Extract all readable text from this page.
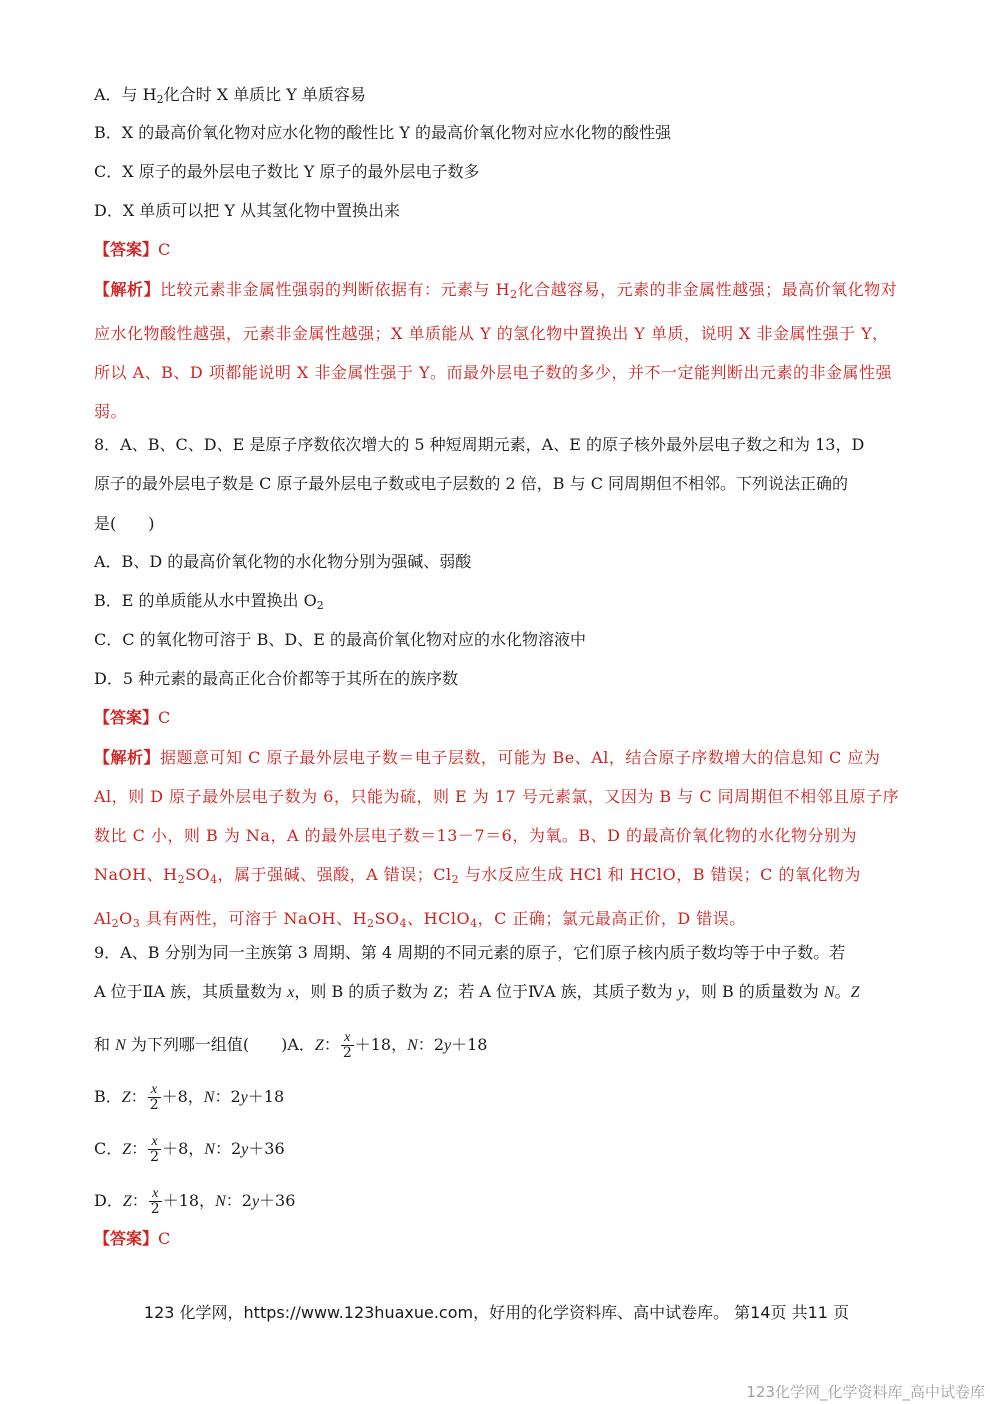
A．与 $H_2$化合时 X 单质比 Y 单质容易
B．X 的最高价氧化物对应水化物的酸性比 Y 的最高价氧化物对应水化物的酸性强
C．X 原子的最外层电子数比 Y 原子的最外层电子数多
D．X 单质可以把 Y 从其氢化物中置换出来
【答案】C
【解析】比较元素非金属性强弱的判断依据有：元素与 $H_2$化合越容易，元素的非金属性越强；最高价氧化物对应水化物酸性越强，元素非金属性越强；X 单质能从 Y 的氢化物中置换出 Y 单质，说明 X 非金属性强于 Y，所以 A、B、D 项都能说明 X 非金属性强于 Y。而最外层电子数的多少，并不一定能判断出元素的非金属性强弱。
8．A、B、C、D、E 是原子序数依次增大的 5 种短周期元素，A、E 的原子核外最外层电子数之和为 13，D
原子的最外层电子数是 C 原子最外层电子数或电子层数的 2 倍，B 与 C 同周期但不相邻。下列说法正确的
是(　　)
A．B、D 的最高价氧化物的水化物分别为强碱、弱酸
B．E 的单质能从水中置换出 $O_2$
C．C 的氧化物可溶于 B、D、E 的最高价氧化物对应的水化物溶液中
D．5 种元素的最高正化合价都等于其所在的族序数
【答案】C
【解析】据题意可知 C 原子最外层电子数＝电子层数，可能为 Be、Al，结合原子序数增大的信息知 C 应为 Al，则 D 原子最外层电子数为 6，只能为硫，则 E 为 17 号元素氯，又因为 B 与 C 同周期但不相邻且原子序数比 C 小，则 B 为 Na，A 的最外层电子数＝13－7＝6，为氧。B、D 的最高价氧化物的水化物分别为 NaOH、$H_2SO_4$，属于强碱、强酸，A 错误；$Cl_2$ 与水反应生成 HCl 和 HClO，B 错误；C 的氧化物为 $Al_2O_3$ 具有两性，可溶于 NaOH、$H_2SO_4$、HClO$_4$，C 正确；氯元最高正价，D 错误。
9．A、B 分别为同一主族第 3 周期、第 4 周期的不同元素的原子，它们原子核内质子数均等于中子数。若
A 位于ⅡA 族，其质量数为 x，则 B 的质子数为 Z；若 A 位于ⅣA 族，其质子数为 y，则 B 的质量数为 N。Z
和 N 为下列哪一组值(　　)A．Z： $\frac{x}{2} +18$，N：2y＋18
B．Z： $\frac{x}{2} +8$，N：2y＋18
C．Z： $\frac{x}{2} +8$，N：2y＋36
D．Z： $\frac{x}{2} +18$，N：2y＋36
【答案】C
123 化学网，https://www.123huaxue.com，好用的化学资料库、高中试卷库。 第14页 共11 页
123化学网_化学资料库_高中试卷库
